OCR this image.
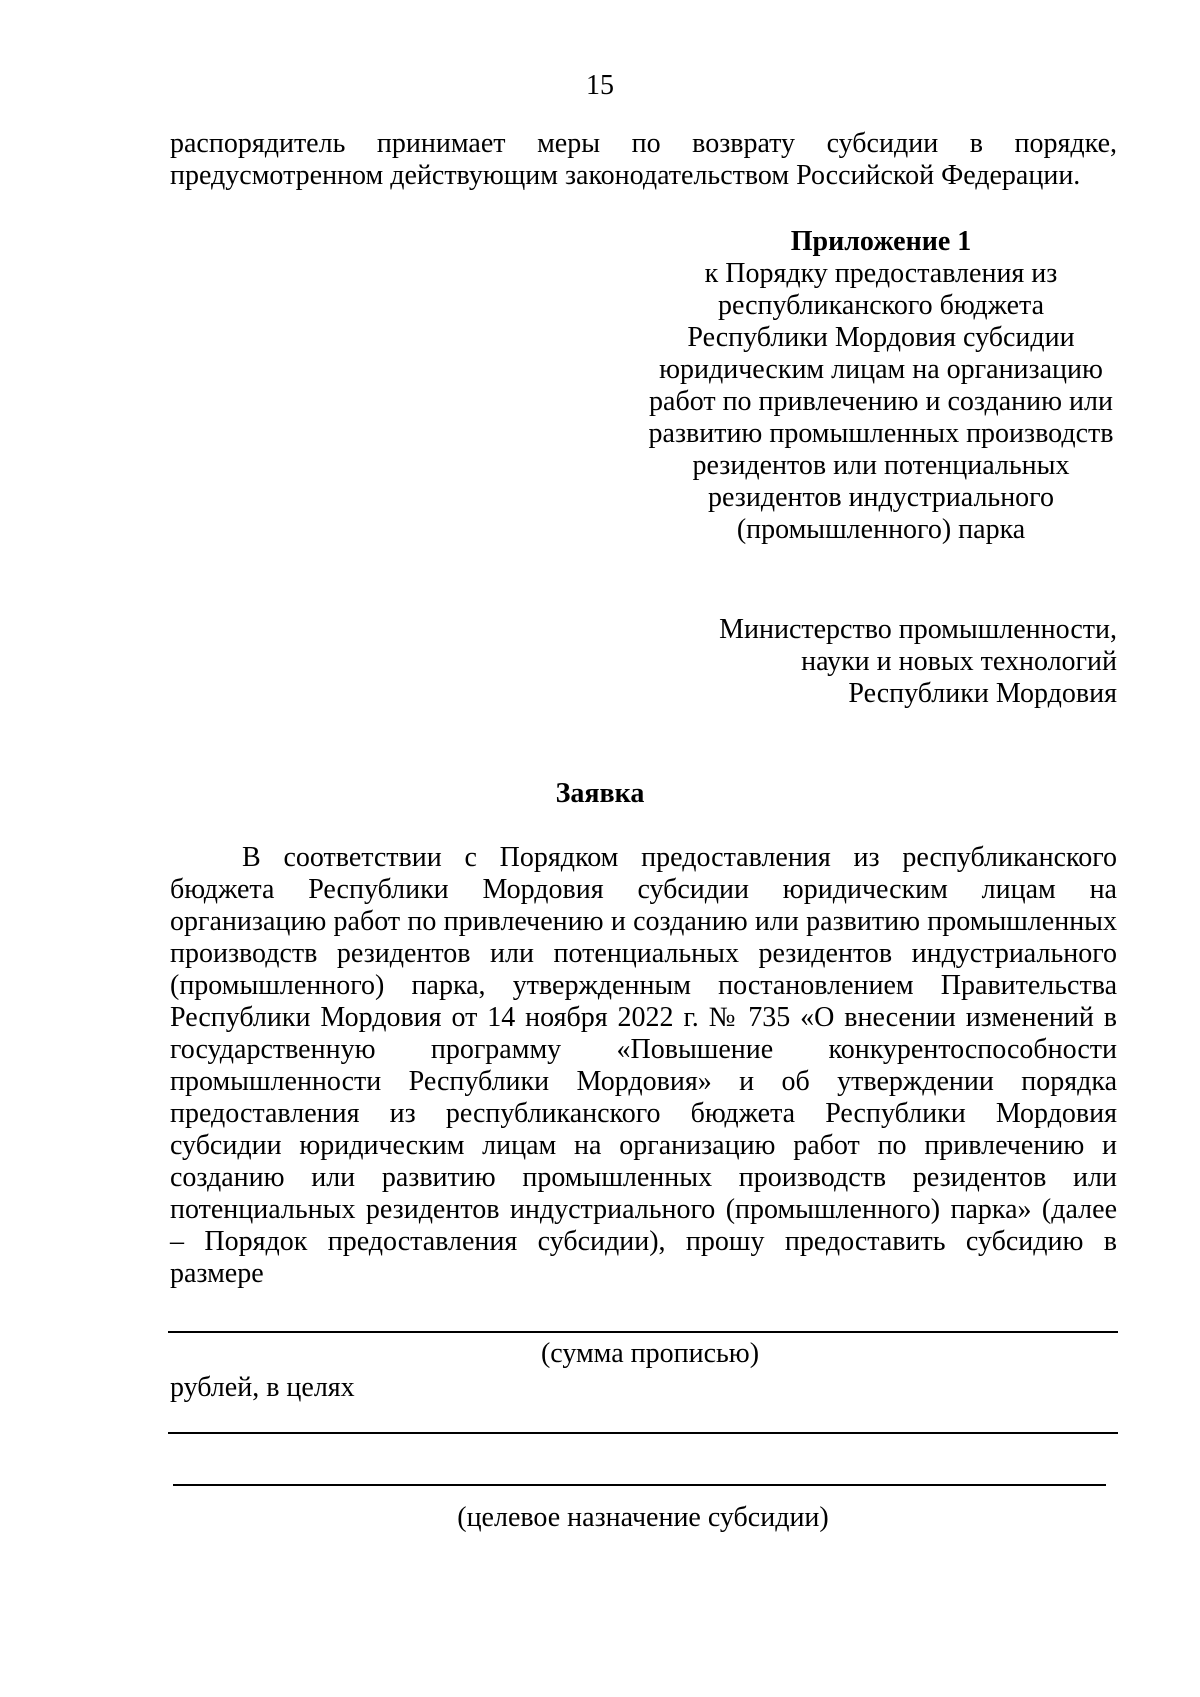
15

распорядитель принимает меры по возврату субсидии в порядке, предусмотренном действующим законодательством Российской Федерации.

Приложение 1
к Порядку предоставления из
республиканского бюджета
Республики Мордовия субсидии
юридическим лицам на организацию
работ по привлечению и созданию или
развитию промышленных производств
резидентов или потенциальных
резидентов индустриального
(промышленного) парка
Министерство промышленности,
науки и новых технологий
Республики Мордовия
Заявка

В соответствии с Порядком предоставления из республиканского бюджета Республики Мордовия субсидии юридическим лицам на организацию работ по привлечению и созданию или развитию промышленных производств резидентов или потенциальных резидентов индустриального (промышленного) парка, утвержденным постановлением Правительства Республики Мордовия от 14 ноября 2022 г. № 735 «О внесении изменений в государственную программу «Повышение конкурентоспособности промышленности Республики Мордовия» и об утверждении порядка предоставления из республиканского бюджета Республики Мордовия субсидии юридическим лицам на организацию работ по привлечению и созданию или развитию промышленных производств резидентов или потенциальных резидентов индустриального (промышленного) парка» (далее – Порядок предоставления субсидии), прошу предоставить субсидию в размере

(сумма прописью)
рублей, в целях
(целевое назначение субсидии)
